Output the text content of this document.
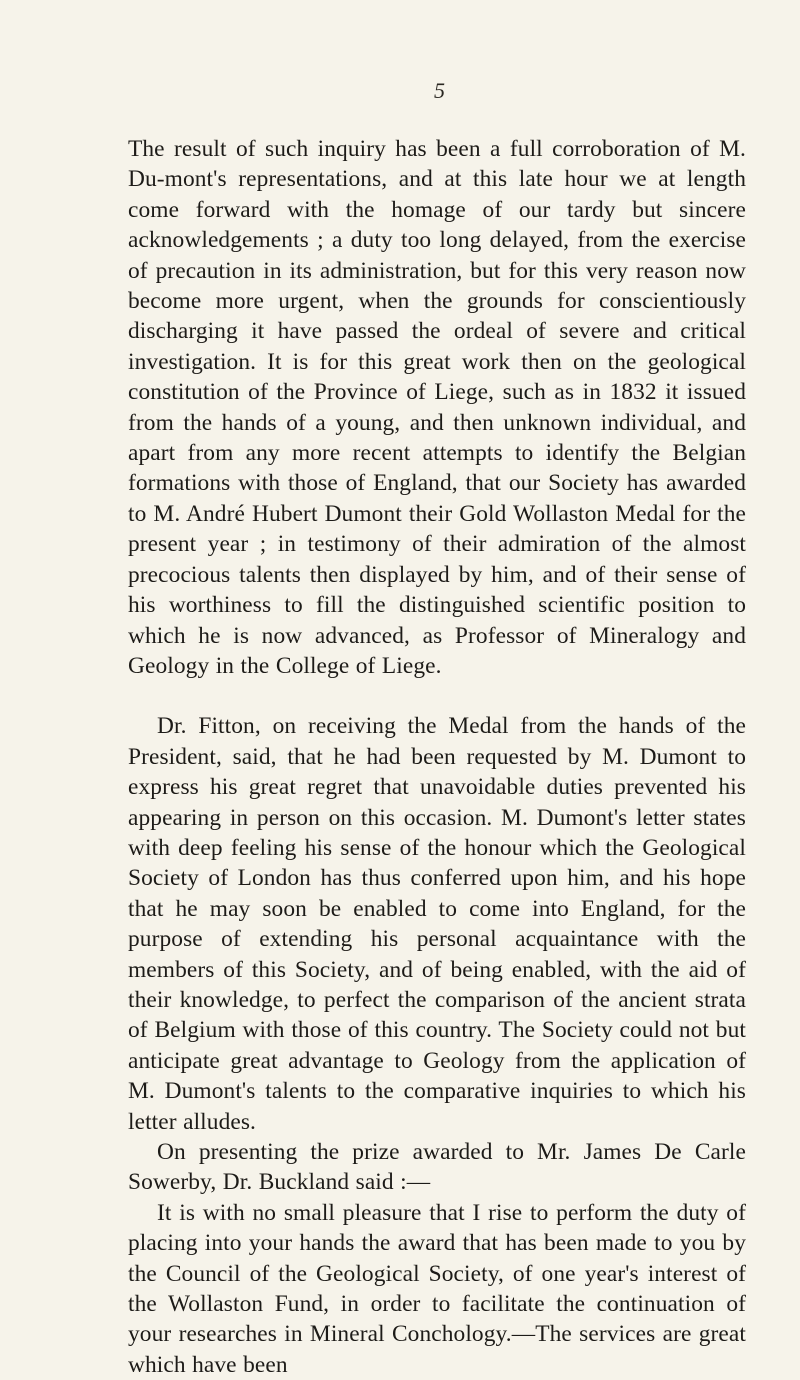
5

The result of such inquiry has been a full corroboration of M. Du-mont's representations, and at this late hour we at length come forward with the homage of our tardy but sincere acknowledgements ; a duty too long delayed, from the exercise of precaution in its administration, but for this very reason now become more urgent, when the grounds for conscientiously discharging it have passed the ordeal of severe and critical investigation. It is for this great work then on the geological constitution of the Province of Liege, such as in 1832 it issued from the hands of a young, and then unknown individual, and apart from any more recent attempts to identify the Belgian formations with those of England, that our Society has awarded to M. André Hubert Dumont their Gold Wollaston Medal for the present year ; in testimony of their admiration of the almost precocious talents then displayed by him, and of their sense of his worthiness to fill the distinguished scientific position to which he is now advanced, as Professor of Mineralogy and Geology in the College of Liege.

Dr. Fitton, on receiving the Medal from the hands of the President, said, that he had been requested by M. Dumont to express his great regret that unavoidable duties prevented his appearing in person on this occasion. M. Dumont's letter states with deep feeling his sense of the honour which the Geological Society of London has thus conferred upon him, and his hope that he may soon be enabled to come into England, for the purpose of extending his personal acquaintance with the members of this Society, and of being enabled, with the aid of their knowledge, to perfect the comparison of the ancient strata of Belgium with those of this country. The Society could not but anticipate great advantage to Geology from the application of M. Dumont's talents to the comparative inquiries to which his letter alludes.

On presenting the prize awarded to Mr. James De Carle Sowerby, Dr. Buckland said :—

It is with no small pleasure that I rise to perform the duty of placing into your hands the award that has been made to you by the Council of the Geological Society, of one year's interest of the Wollaston Fund, in order to facilitate the continuation of your researches in Mineral Conchology.—The services are great which have been
